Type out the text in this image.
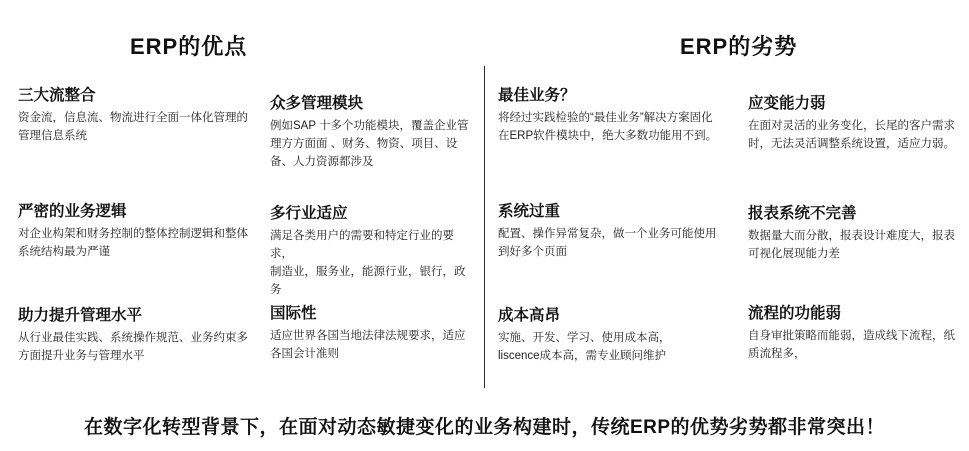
ERP的优点	ERP的劣势
三大流整合
资金流，信息流、物流进行全面一体化管理的管理信息系统
严密的业务逻辑
对企业构架和财务控制的整体控制逻辑和整体系统结构最为严谨
助力提升管理水平
从行业最佳实践、系统操作规范、业务约束多方面提升业务与管理水平
众多管理模块
例如SAP 十多个功能模块，覆盖企业管理方方面面 、财务、物资、项目、设备、人力资源都涉及
多行业适应
满足各类用户的需要和特定行业的要求，
制造业，服务业，能源行业，银行，政务
国际性
适应世界各国当地法律法规要求，适应各国会计准则
最佳业务？
将经过实践检验的“最佳业务”解决方案固化在ERP软件模块中，绝大多数功能用不到。
系统过重
配置、操作异常复杂，做一个业务可能使用到好多个页面
成本高昂
实施、开发、学习、使用成本高，
liscence成本高，需专业顾问维护
应变能力弱
在面对灵活的业务变化，长尾的客户需求时，无法灵活调整系统设置，适应力弱。
报表系统不完善
数据量大而分散，报表设计难度大，报表可视化展现能力差
流程的功能弱
自身审批策略而能弱，造成线下流程，纸质流程多，
在数字化转型背景下，在面对动态敏捷变化的业务构建时，传统ERP的优势劣势都非常突出！
